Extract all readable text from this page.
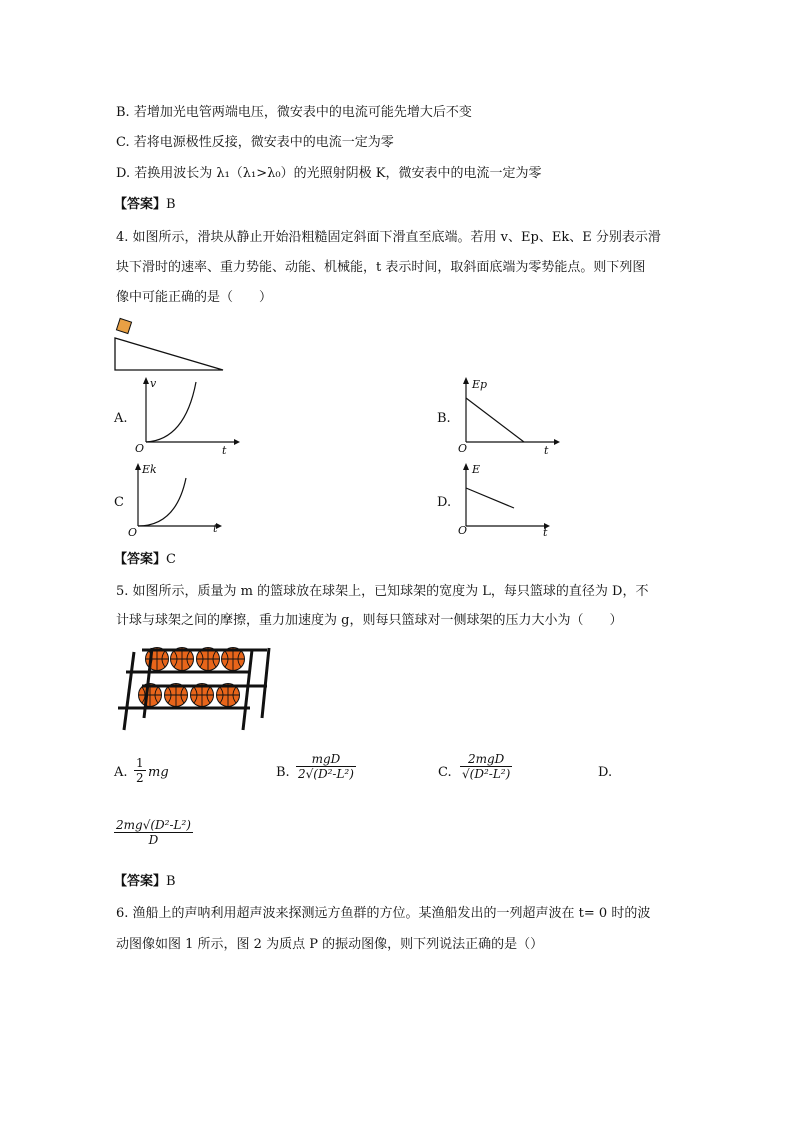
B. 若增加光电管两端电压，微安表中的电流可能先增大后不变
C. 若将电源极性反接，微安表中的电流一定为零
D. 若换用波长为 λ₁（λ₁>λ₀）的光照射阴极 K，微安表中的电流一定为零
【答案】B
4. 如图所示，滑块从静止开始沿粗糙固定斜面下滑直至底端。若用 v、Ep、Ek、E 分别表示滑
块下滑时的速率、重力势能、动能、机械能，t 表示时间，取斜面底端为零势能点。则下列图
像中可能正确的是（　　）
A.
v
O	t
B.
Ep
O	t
C
Ek
O	t
D.
E
O	t
【答案】C
5. 如图所示，质量为 m 的篮球放在球架上，已知球架的宽度为 L，每只篮球的直径为 D，不
计球与球架之间的摩擦，重力加速度为 g，则每只篮球对一侧球架的压力大小为（　　）
A. $\frac{1}{2}$ mg	B.
mgD
2√(D²-L²)	C.
2mgD
√(D²-L²)	D.
$\frac{\text{2mg√(D²-L²)}}{D}$
【答案】B
6. 渔船上的声呐利用超声波来探测远方鱼群的方位。某渔船发出的一列超声波在 t= 0 时的波
动图像如图 1 所示，图 2 为质点 P 的振动图像，则下列说法正确的是（）
